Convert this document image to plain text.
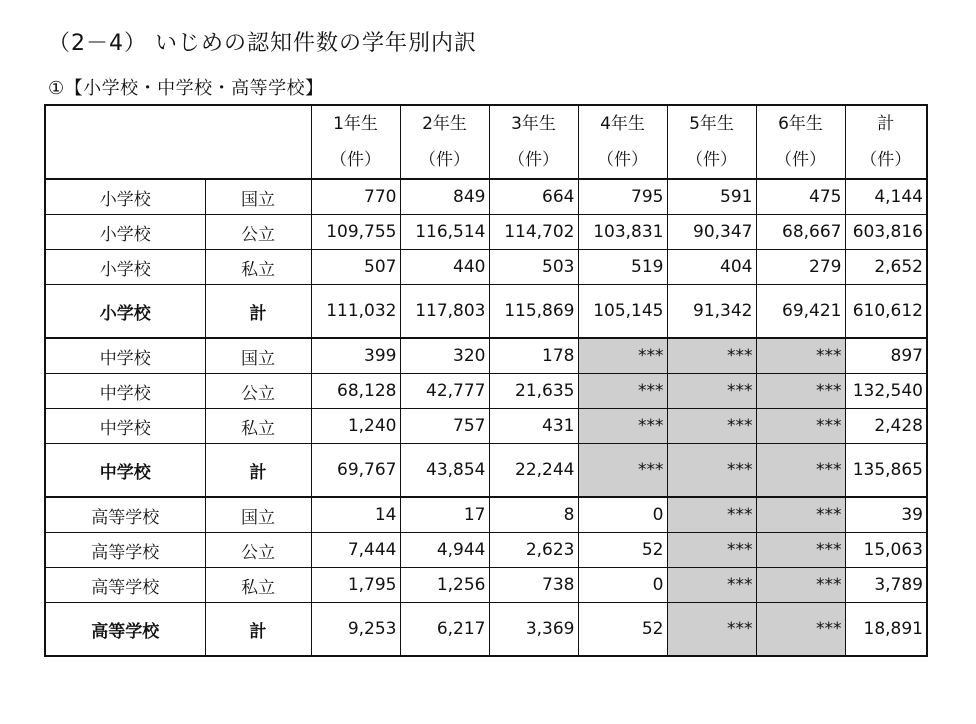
（2－4） いじめの認知件数の学年別内訳
①【小学校・中学校・高等学校】
		1年生	2年生	3年生	4年生	5年生	6年生	計
		（件）	（件）	（件）	（件）	（件）	（件）	（件）
小学校	国立	770	849	664	795	591	475	4,144
小学校	公立	109,755	116,514	114,702	103,831	90,347	68,667	603,816
小学校	私立	507	440	503	519	404	279	2,652
小学校	計	111,032	117,803	115,869	105,145	91,342	69,421	610,612
中学校	国立	399	320	178	***	***	***	897
中学校	公立	68,128	42,777	21,635	***	***	***	132,540
中学校	私立	1,240	757	431	***	***	***	2,428
中学校	計	69,767	43,854	22,244	***	***	***	135,865
高等学校	国立	14	17	8	0	***	***	39
高等学校	公立	7,444	4,944	2,623	52	***	***	15,063
高等学校	私立	1,795	1,256	738	0	***	***	3,789
高等学校	計	9,253	6,217	3,369	52	***	***	18,891
